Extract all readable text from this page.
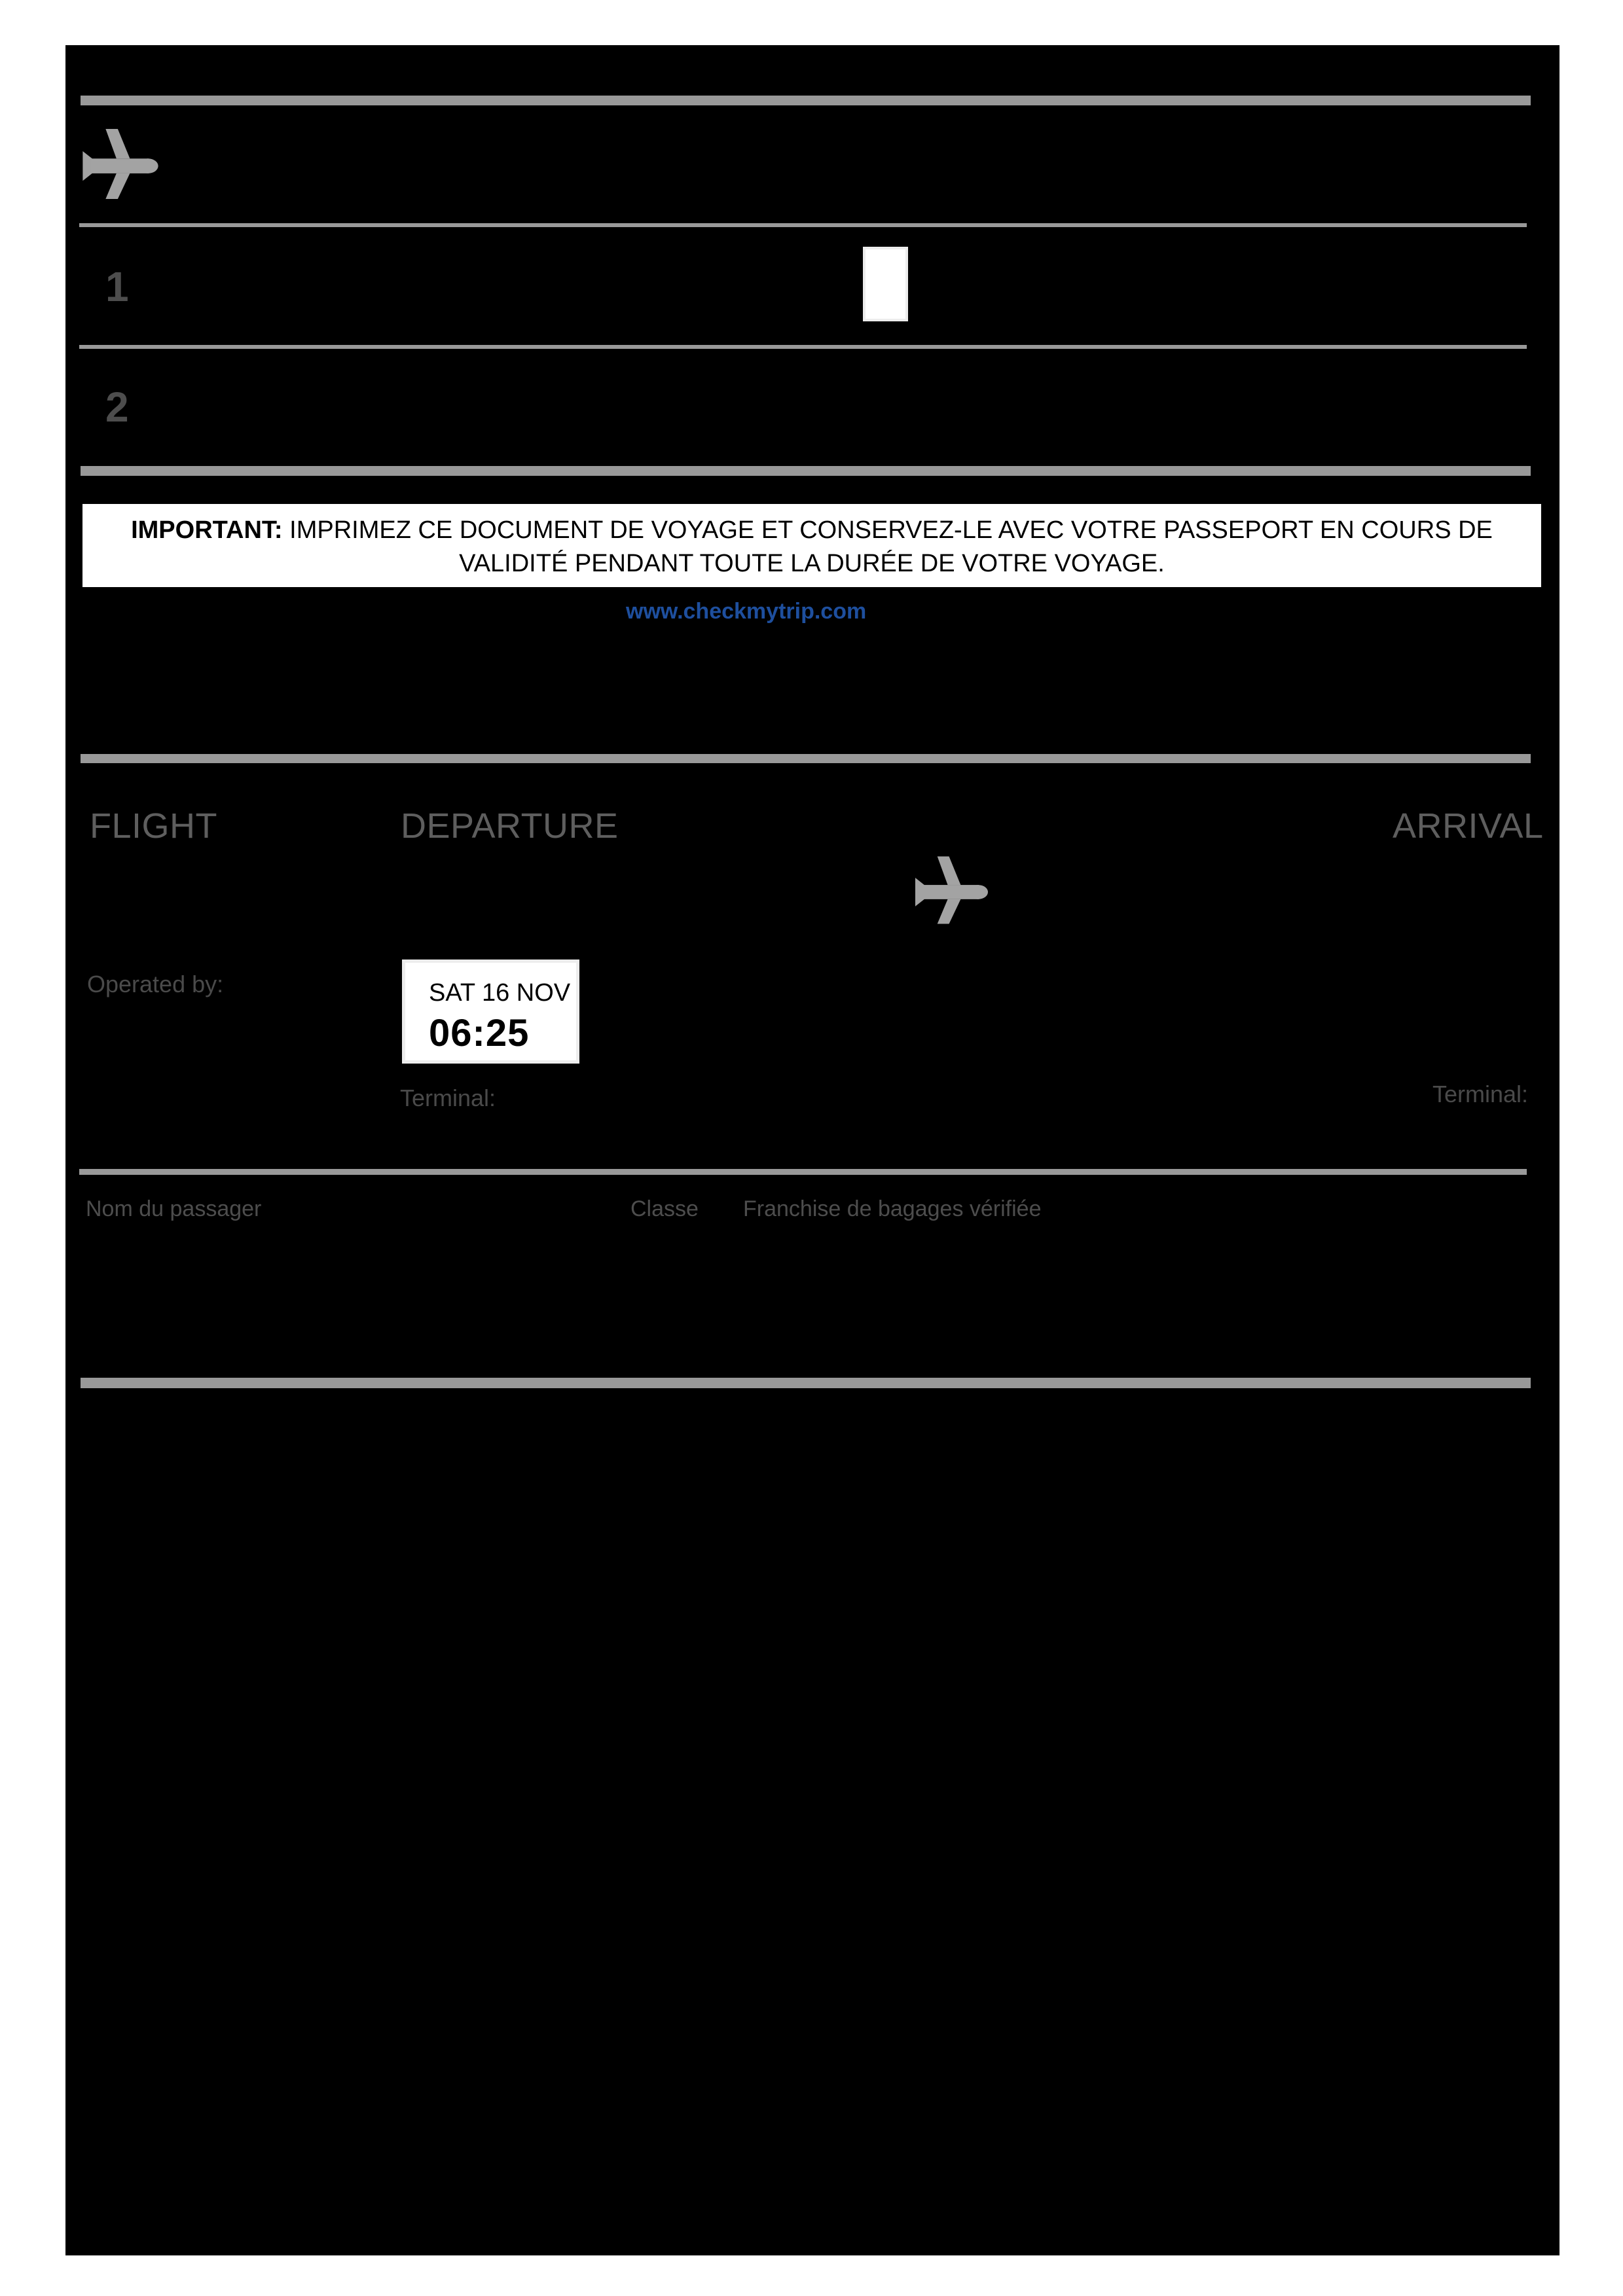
1
2
IMPORTANT: IMPRIMEZ CE DOCUMENT DE VOYAGE ET CONSERVEZ-LE AVEC VOTRE PASSEPORT EN COURS DE VALIDITÉ PENDANT TOUTE LA DURÉE DE VOTRE VOYAGE.
www.checkmytrip.com
FLIGHT	DEPARTURE	ARRIVAL
Operated by:	SAT 16 NOV
06:25
Terminal:	Terminal:
Nom du passager	Classe Franchise de bagages vérifiée
